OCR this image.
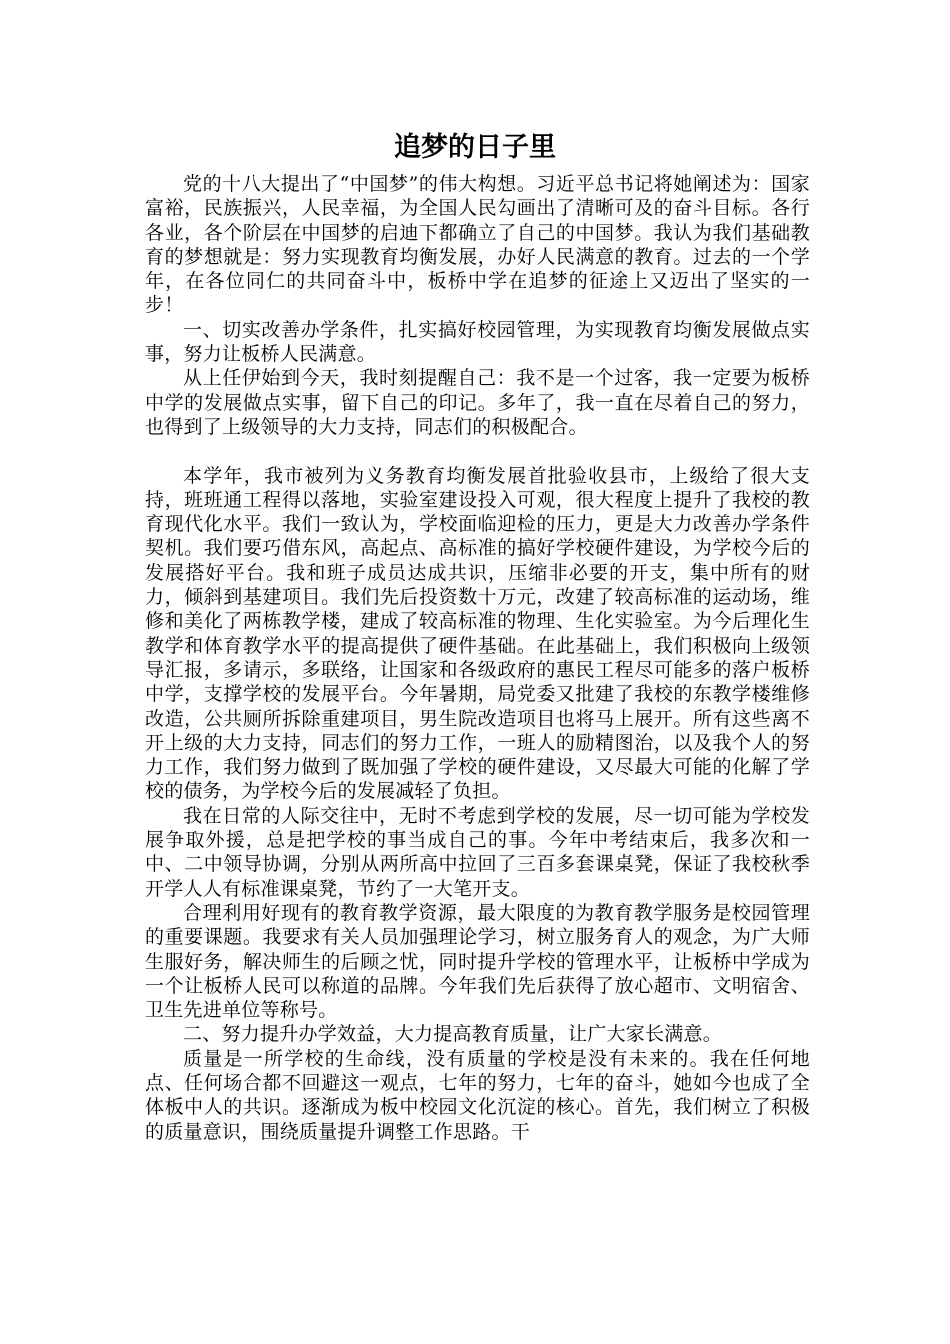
追梦的日子里

党的十八大提出了“中国梦”的伟大构想。习近平总书记将她阐述为：国家富裕，民族振兴，人民幸福，为全国人民勾画出了清晰可及的奋斗目标。各行各业，各个阶层在中国梦的启迪下都确立了自己的中国梦。我认为我们基础教育的梦想就是：努力实现教育均衡发展，办好人民满意的教育。过去的一个学年，在各位同仁的共同奋斗中，板桥中学在追梦的征途上又迈出了坚实的一步！

一、切实改善办学条件，扎实搞好校园管理，为实现教育均衡发展做点实事，努力让板桥人民满意。

从上任伊始到今天，我时刻提醒自己：我不是一个过客，我一定要为板桥中学的发展做点实事，留下自己的印记。多年了，我一直在尽着自己的努力，也得到了上级领导的大力支持，同志们的积极配合。

本学年，我市被列为义务教育均衡发展首批验收县市，上级给了很大支持，班班通工程得以落地，实验室建设投入可观，很大程度上提升了我校的教育现代化水平。我们一致认为，学校面临迎检的压力，更是大力改善办学条件契机。我们要巧借东风，高起点、高标准的搞好学校硬件建设，为学校今后的发展搭好平台。我和班子成员达成共识，压缩非必要的开支，集中所有的财力，倾斜到基建项目。我们先后投资数十万元，改建了较高标准的运动场，维修和美化了两栋教学楼，建成了较高标准的物理、生化实验室。为今后理化生教学和体育教学水平的提高提供了硬件基础。在此基础上，我们积极向上级领导汇报，多请示，多联络，让国家和各级政府的惠民工程尽可能多的落户板桥中学，支撑学校的发展平台。今年暑期，局党委又批建了我校的东教学楼维修改造，公共厕所拆除重建项目，男生院改造项目也将马上展开。所有这些离不开上级的大力支持，同志们的努力工作，一班人的励精图治，以及我个人的努力工作，我们努力做到了既加强了学校的硬件建设，又尽最大可能的化解了学校的债务，为学校今后的发展减轻了负担。

我在日常的人际交往中，无时不考虑到学校的发展，尽一切可能为学校发展争取外援，总是把学校的事当成自己的事。今年中考结束后，我多次和一中、二中领导协调，分别从两所高中拉回了三百多套课桌凳，保证了我校秋季开学人人有标准课桌凳，节约了一大笔开支。

合理利用好现有的教育教学资源，最大限度的为教育教学服务是校园管理的重要课题。我要求有关人员加强理论学习，树立服务育人的观念，为广大师生服好务，解决师生的后顾之忧，同时提升学校的管理水平，让板桥中学成为一个让板桥人民可以称道的品牌。今年我们先后获得了放心超市、文明宿舍、卫生先进单位等称号。

二、努力提升办学效益，大力提高教育质量，让广大家长满意。

质量是一所学校的生命线，没有质量的学校是没有未来的。我在任何地点、任何场合都不回避这一观点，七年的努力，七年的奋斗，她如今也成了全体板中人的共识。逐渐成为板中校园文化沉淀的核心。首先，我们树立了积极的质量意识，围绕质量提升调整工作思路。干
